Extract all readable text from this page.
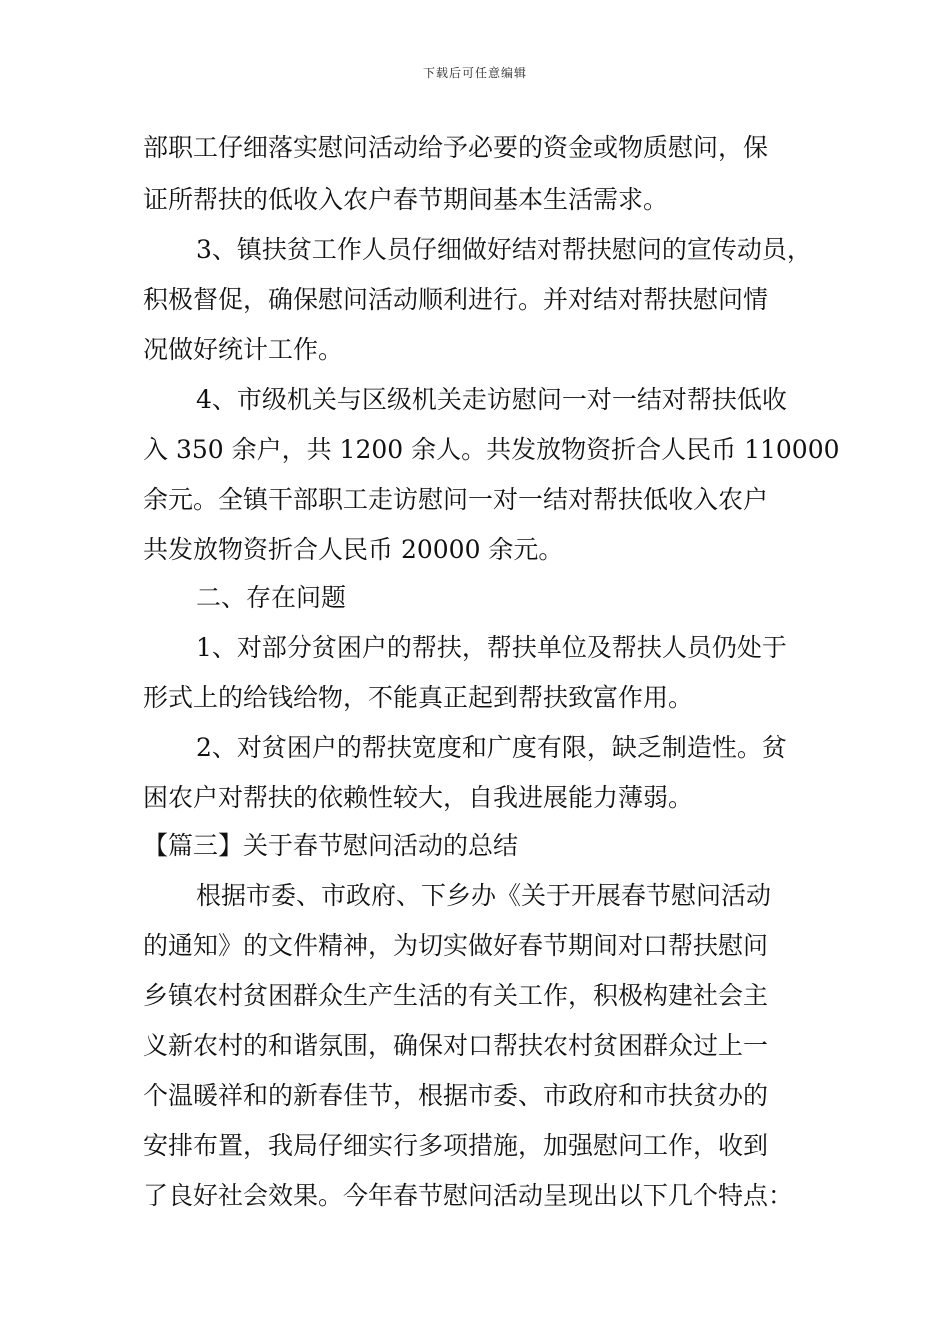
下载后可任意编辑
部职工仔细落实慰问活动给予必要的资金或物质慰问，保
证所帮扶的低收入农户春节期间基本生活需求。
3、镇扶贫工作人员仔细做好结对帮扶慰问的宣传动员，
积极督促，确保慰问活动顺利进行。并对结对帮扶慰问情
况做好统计工作。
4、市级机关与区级机关走访慰问一对一结对帮扶低收
入 350 余户，共 1200 余人。共发放物资折合人民币 110000
余元。全镇干部职工走访慰问一对一结对帮扶低收入农户
共发放物资折合人民币 20000 余元。
二、存在问题
1、对部分贫困户的帮扶，帮扶单位及帮扶人员仍处于
形式上的给钱给物，不能真正起到帮扶致富作用。
2、对贫困户的帮扶宽度和广度有限，缺乏制造性。贫
困农户对帮扶的依赖性较大，自我进展能力薄弱。
【篇三】关于春节慰问活动的总结
根据市委、市政府、下乡办《关于开展春节慰问活动
的通知》的文件精神，为切实做好春节期间对口帮扶慰问
乡镇农村贫困群众生产生活的有关工作，积极构建社会主
义新农村的和谐氛围，确保对口帮扶农村贫困群众过上一
个温暖祥和的新春佳节，根据市委、市政府和市扶贫办的
安排布置，我局仔细实行多项措施，加强慰问工作，收到
了良好社会效果。今年春节慰问活动呈现出以下几个特点：
